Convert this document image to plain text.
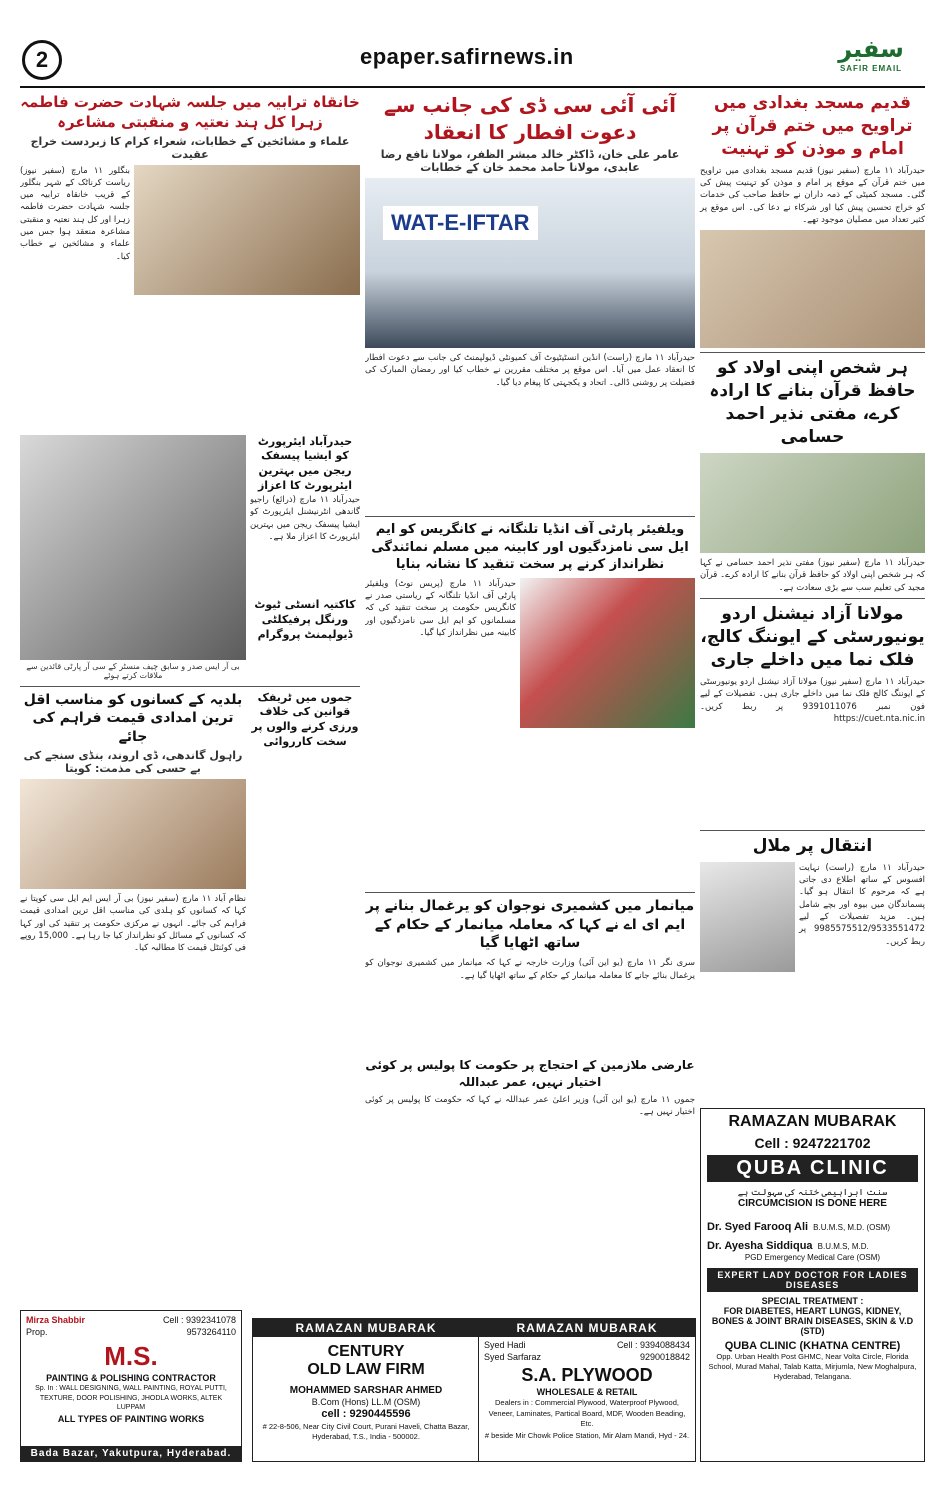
2	epaper.safirnews.in	سفیر
SAFIR EMAIL
قدیم مسجد بغدادی میں تراویح میں ختم قرآن پر امام و موذن کو تہنیت
حیدرآباد ۱۱ مارچ (سفیر نیوز) قدیم مسجد بغدادی میں تراویح میں ختم قرآن کے موقع پر امام و موذن کو تہنیت پیش کی گئی۔ مسجد کمیٹی کے ذمہ داران نے حافظ صاحب کی خدمات کو خراج تحسین پیش کیا اور شرکاء نے دعا کی۔ اس موقع پر کثیر تعداد میں مصلیان موجود تھے۔
ہر شخص اپنی اولاد کو حافظ قرآن بنانے کا ارادہ کرے، مفتی نذیر احمد حسامی
حیدرآباد ۱۱ مارچ (سفیر نیوز) مفتی نذیر احمد حسامی نے کہا کہ ہر شخص اپنی اولاد کو حافظ قرآن بنانے کا ارادہ کرے۔ قرآن مجید کی تعلیم سب سے بڑی سعادت ہے۔
مولانا آزاد نیشنل اردو یونیورسٹی کے ایوننگ کالج، فلک نما میں داخلے جاری
حیدرآباد ۱۱ مارچ (سفیر نیوز) مولانا آزاد نیشنل اردو یونیورسٹی کے ایوننگ کالج فلک نما میں داخلے جاری ہیں۔ تفصیلات کے لیے فون نمبر 9391011076 پر ربط کریں۔ https://cuet.nta.nic.in
انتقال پر ملال
حیدرآباد ۱۱ مارچ (راست) نہایت افسوس کے ساتھ اطلاع دی جاتی ہے کہ مرحوم کا انتقال ہو گیا۔ پسماندگان میں بیوہ اور بچے شامل ہیں۔ مزید تفصیلات کے لیے 9985575512/9533551472 پر ربط کریں۔
آئی آئی سی ڈی کی جانب سے دعوت افطار کا انعقاد
عامر علی خان، ڈاکٹر خالد مبشر الظفر، مولانا نافع رضا عابدی، مولانا حامد محمد خان کے خطابات
WAT-E-IFTAR
حیدرآباد ۱۱ مارچ (راست) انڈین انسٹیٹیوٹ آف کمیونٹی ڈیولپمنٹ کی جانب سے دعوت افطار کا انعقاد عمل میں آیا۔ اس موقع پر مختلف مقررین نے خطاب کیا اور رمضان المبارک کی فضیلت پر روشنی ڈالی۔ اتحاد و یکجہتی کا پیغام دیا گیا۔
ویلفیئر پارٹی آف انڈیا تلنگانہ نے کانگریس کو ایم ایل سی نامزدگیوں اور کابینہ میں مسلم نمائندگی نظرانداز کرنے پر سخت تنقید کا نشانہ بنایا
حیدرآباد ۱۱ مارچ (پریس نوٹ) ویلفیئر پارٹی آف انڈیا تلنگانہ کے ریاستی صدر نے کانگریس حکومت پر سخت تنقید کی کہ مسلمانوں کو ایم ایل سی نامزدگیوں اور کابینہ میں نظرانداز کیا گیا۔
میانمار میں کشمیری نوجوان کو یرغمال بنانے پر ایم ای اے نے کہا کہ معاملہ میانمار کے حکام کے ساتھ اٹھایا گیا
سری نگر ۱۱ مارچ (یو این آئی) وزارت خارجہ نے کہا کہ میانمار میں کشمیری نوجوان کو یرغمال بنائے جانے کا معاملہ میانمار کے حکام کے ساتھ اٹھایا گیا ہے۔
عارضی ملازمین کے احتجاج پر حکومت کا پولیس پر کوئی اختیار نہیں، عمر عبداللہ
جموں ۱۱ مارچ (یو این آئی) وزیر اعلیٰ عمر عبداللہ نے کہا کہ حکومت کا پولیس پر کوئی اختیار نہیں ہے۔
خانقاہ ترابیہ میں جلسہ شہادت حضرت فاطمہ زہرا کل ہند نعتیہ و منقبتی مشاعرہ
علماء و مشائخین کے خطابات، شعراء کرام کا زبردست خراج عقیدت
بنگلور ۱۱ مارچ (سفیر نیوز) ریاست کرناٹک کے شہر بنگلور کے قریب خانقاہ ترابیہ میں جلسہ شہادت حضرت فاطمہ زہرا اور کل ہند نعتیہ و منقبتی مشاعرہ منعقد ہوا جس میں علماء و مشائخین نے خطاب کیا۔
بی آر ایس صدر و سابق چیف منسٹر کے سی آر پارٹی قائدین سے ملاقات کرتے ہوئے
حیدرآباد ایئرپورٹ کو ایشیا پیسفک ریجن میں بہترین ایئرپورٹ کا اعزاز
حیدرآباد ۱۱ مارچ (ذرائع) راجیو گاندھی انٹرنیشنل ایئرپورٹ کو ایشیا پیسفک ریجن میں بہترین ایئرپورٹ کا اعزاز ملا ہے۔
کاکتیہ انسٹی ٹیوٹ ورنگل پرفیکلٹی ڈیولپمنٹ پروگرام
بلدیہ کے کسانوں کو مناسب اقل ترین امدادی قیمت فراہم کی جائے
راہول گاندھی، ڈی اروند، بنڈی سنجے کی بے حسی کی مذمت: کویتا
نظام آباد ۱۱ مارچ (سفیر نیوز) بی آر ایس ایم ایل سی کویتا نے کہا کہ کسانوں کو ہلدی کی مناسب اقل ترین امدادی قیمت فراہم کی جائے۔ انہوں نے مرکزی حکومت پر تنقید کی اور کہا کہ کسانوں کے مسائل کو نظرانداز کیا جا رہا ہے۔ 15,000 روپے فی کوئنٹل قیمت کا مطالبہ کیا۔
جموں میں ٹریفک قوانین کی خلاف ورزی کرنے والوں پر سخت کارروائی
Mirza Shabbir
Prop.
Cell : 9392341078
9573264110
M.S.
PAINTING & POLISHING CONTRACTOR
Sp. In : WALL DESIGNING, WALL PAINTING, ROYAL PUTTI, TEXTURE, DOOR POLISHING, JHODLA WORKS, ALTEK LUPPAM
ALL TYPES OF PAINTING WORKS
Bada Bazar, Yakutpura, Hyderabad.
RAMAZAN MUBARAK
CENTURY
OLD LAW FIRM
MOHAMMED SARSHAR AHMED
B.Com (Hons) LL.M (OSM)
cell : 9290445596
# 22-8-506, Near City Civil Court, Purani Haveli, Chatta Bazar, Hyderabad, T.S., India - 500002.
RAMAZAN MUBARAK
Syed Hadi
Syed Sarfaraz
Cell : 9394088434
9290018842
S.A. PLYWOOD
WHOLESALE & RETAIL
Dealers in : Commercial Plywood, Waterproof Plywood, Veneer, Laminates, Partical Board, MDF, Wooden Beading, Etc.
# beside Mir Chowk Police Station, Mir Alam Mandi, Hyd - 24.
RAMAZAN MUBARAK
Cell : 9247221702
QUBA CLINIC
سنت ابراہیمی ختنہ کی سہولت ہے
CIRCUMCISION IS DONE HERE
Dr. Syed Farooq Ali B.U.M.S, M.D. (OSM)
Dr. Ayesha Siddiqua B.U.M.S, M.D.
PGD Emergency Medical Care (OSM)
EXPERT LADY DOCTOR FOR LADIES DISEASES
SPECIAL TREATMENT :
FOR DIABETES, HEART LUNGS, KIDNEY, BONES & JOINT BRAIN DISEASES, SKIN & V.D (STD)
QUBA CLINIC (KHATNA CENTRE)
Opp. Urban Health Post GHMC, Near Volta Circle, Florida School, Murad Mahal, Talab Katta, Mirjumla, New Moghalpura, Hyderabad, Telangana.
